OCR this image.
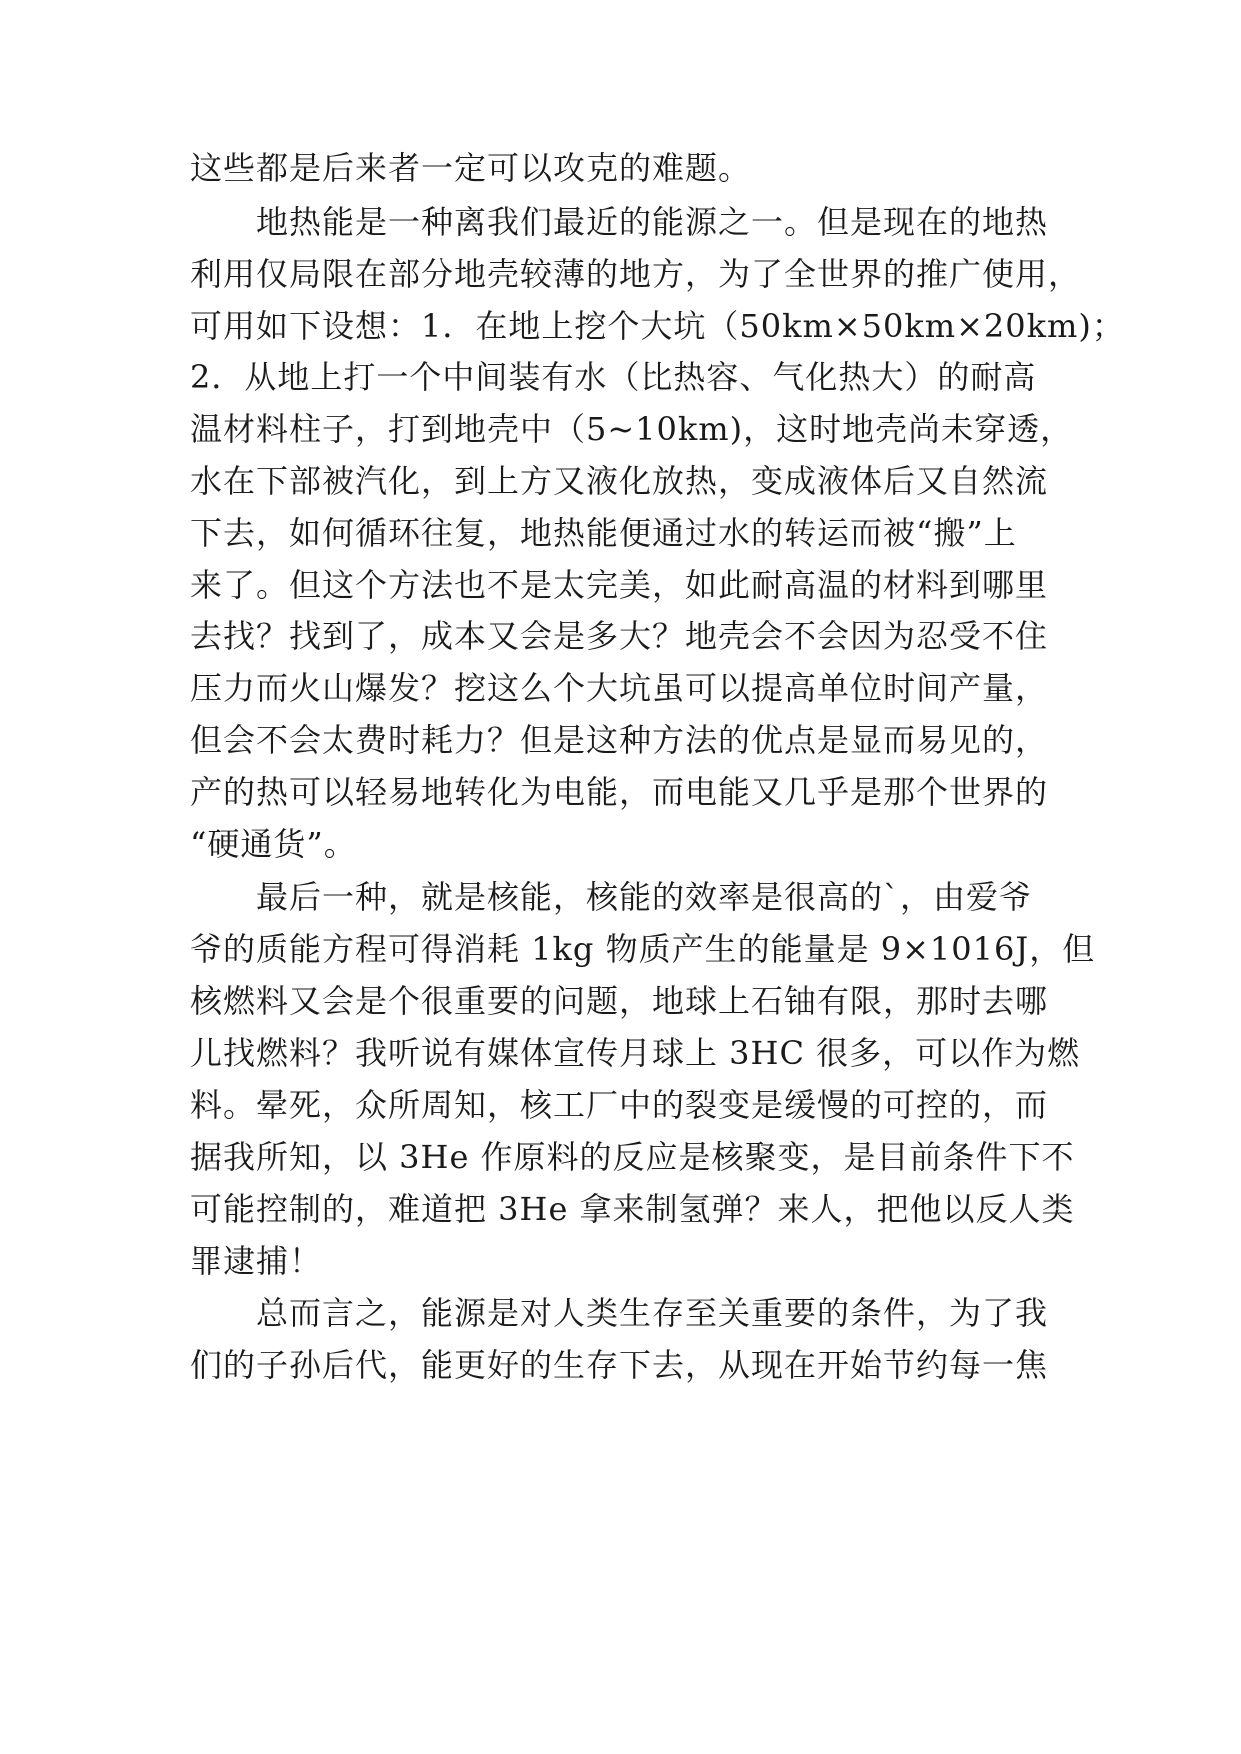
这些都是后来者一定可以攻克的难题。
地热能是一种离我们最近的能源之一。但是现在的地热
利用仅局限在部分地壳较薄的地方，为了全世界的推广使用，
可用如下设想：1．在地上挖个大坑（50km×50km×20km)；
2．从地上打一个中间装有水（比热容、气化热大）的耐高
温材料柱子，打到地壳中（5~10km)，这时地壳尚未穿透，
水在下部被汽化，到上方又液化放热，变成液体后又自然流
下去，如何循环往复，地热能便通过水的转运而被“搬”上
来了。但这个方法也不是太完美，如此耐高温的材料到哪里
去找？找到了，成本又会是多大？地壳会不会因为忍受不住
压力而火山爆发？挖这么个大坑虽可以提高单位时间产量，
但会不会太费时耗力？但是这种方法的优点是显而易见的，
产的热可以轻易地转化为电能，而电能又几乎是那个世界的
“硬通货”。
最后一种，就是核能，核能的效率是很高的`，由爱爷
爷的质能方程可得消耗 1kg 物质产生的能量是 9×1016J，但
核燃料又会是个很重要的问题，地球上石铀有限，那时去哪
儿找燃料？我听说有媒体宣传月球上 3HC 很多，可以作为燃
料。晕死，众所周知，核工厂中的裂变是缓慢的可控的，而
据我所知，以 3He 作原料的反应是核聚变，是目前条件下不
可能控制的，难道把 3He 拿来制氢弹？来人，把他以反人类
罪逮捕！
总而言之，能源是对人类生存至关重要的条件，为了我
们的子孙后代，能更好的生存下去，从现在开始节约每一焦
